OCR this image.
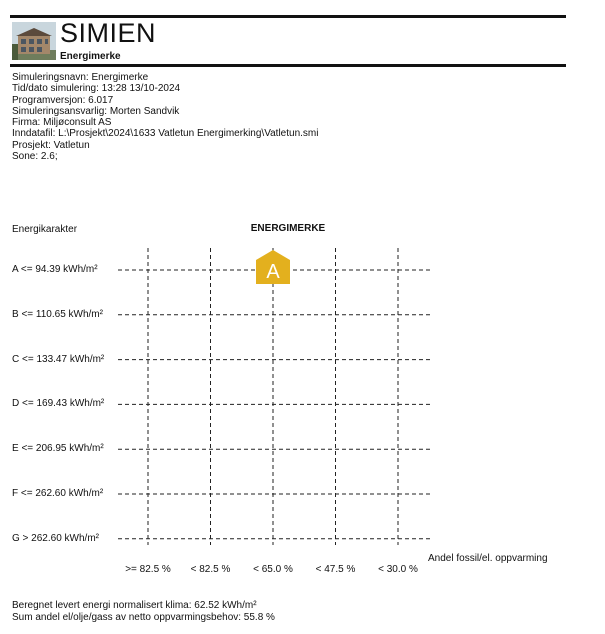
SIMIEN
Energimerke
Simuleringsnavn: Energimerke
Tid/dato simulering: 13:28 13/10-2024
Programversjon: 6.017
Simuleringsansvarlig: Morten Sandvik
Firma: Miljøconsult AS
Inndatafil: L:\Prosjekt\2024\1633 Vatletun Energimerking\Vatletun.smi
Prosjekt: Vatletun
Sone: 2.6;
Energikarakter	ENERGIMERKE
A <= 94.39 kWh/m²
B <= 110.65 kWh/m²
C <= 133.47 kWh/m²
D <= 169.43 kWh/m²
E <= 206.95 kWh/m²
F <= 262.60 kWh/m²
G > 262.60 kWh/m²
>= 82.5 %	< 82.5 %	< 65.0 %	< 47.5 %	< 30.0 %
Andel fossil/el. oppvarming
A
Beregnet levert energi normalisert klima: 62.52 kWh/m²
Sum andel el/olje/gass av netto oppvarmingsbehov: 55.8 %
